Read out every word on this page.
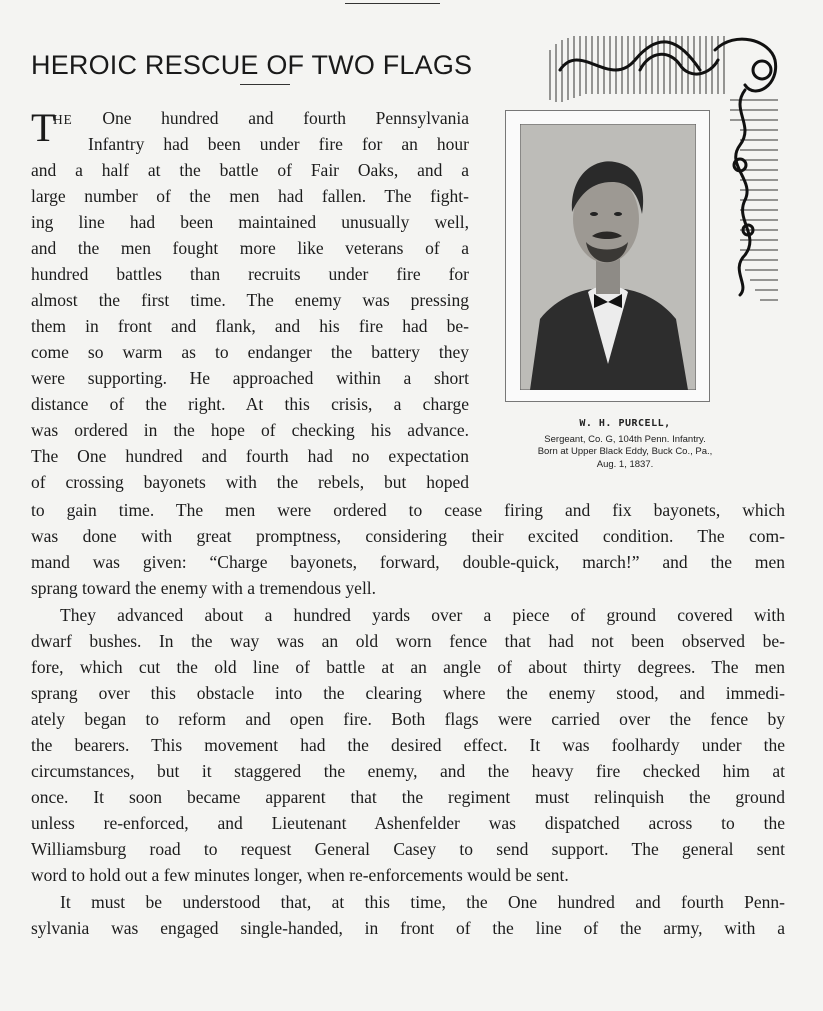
HEROIC RESCUE OF TWO FLAGS
W. H. PURCELL,
Sergeant, Co. G, 104th Penn. Infantry.
Born at Upper Black Eddy, Buck Co., Pa.,
Aug. 1, 1837.
T
HE One hundred and fourth Pennsylvania
Infantry had been under fire for an hour
and a half at the battle of Fair Oaks, and a
large number of the men had fallen. The fight-
ing line had been maintained unusually well,
and the men fought more like veterans of a
hundred battles than recruits under fire for
almost the first time. The enemy was pressing
them in front and flank, and his fire had be-
come so warm as to endanger the battery they
were supporting. He approached within a short
distance of the right. At this crisis, a charge
was ordered in the hope of checking his advance.
The One hundred and fourth had no expectation
of crossing bayonets with the rebels, but hoped
to gain time. The men were ordered to cease firing and fix bayonets, which
was done with great promptness, considering their excited condition. The com-
mand was given: “Charge bayonets, forward, double-quick, march!” and the men
sprang toward the enemy with a tremendous yell.
They advanced about a hundred yards over a piece of ground covered with
dwarf bushes. In the way was an old worn fence that had not been observed be-
fore, which cut the old line of battle at an angle of about thirty degrees. The men
sprang over this obstacle into the clearing where the enemy stood, and immedi-
ately began to reform and open fire. Both flags were carried over the fence by
the bearers. This movement had the desired effect. It was foolhardy under the
circumstances, but it staggered the enemy, and the heavy fire checked him at
once. It soon became apparent that the regiment must relinquish the ground
unless re-enforced, and Lieutenant Ashenfelder was dispatched across to the
Williamsburg road to request General Casey to send support. The general sent
word to hold out a few minutes longer, when re-enforcements would be sent.
It must be understood that, at this time, the One hundred and fourth Penn-
sylvania was engaged single-handed, in front of the line of the army, with a
